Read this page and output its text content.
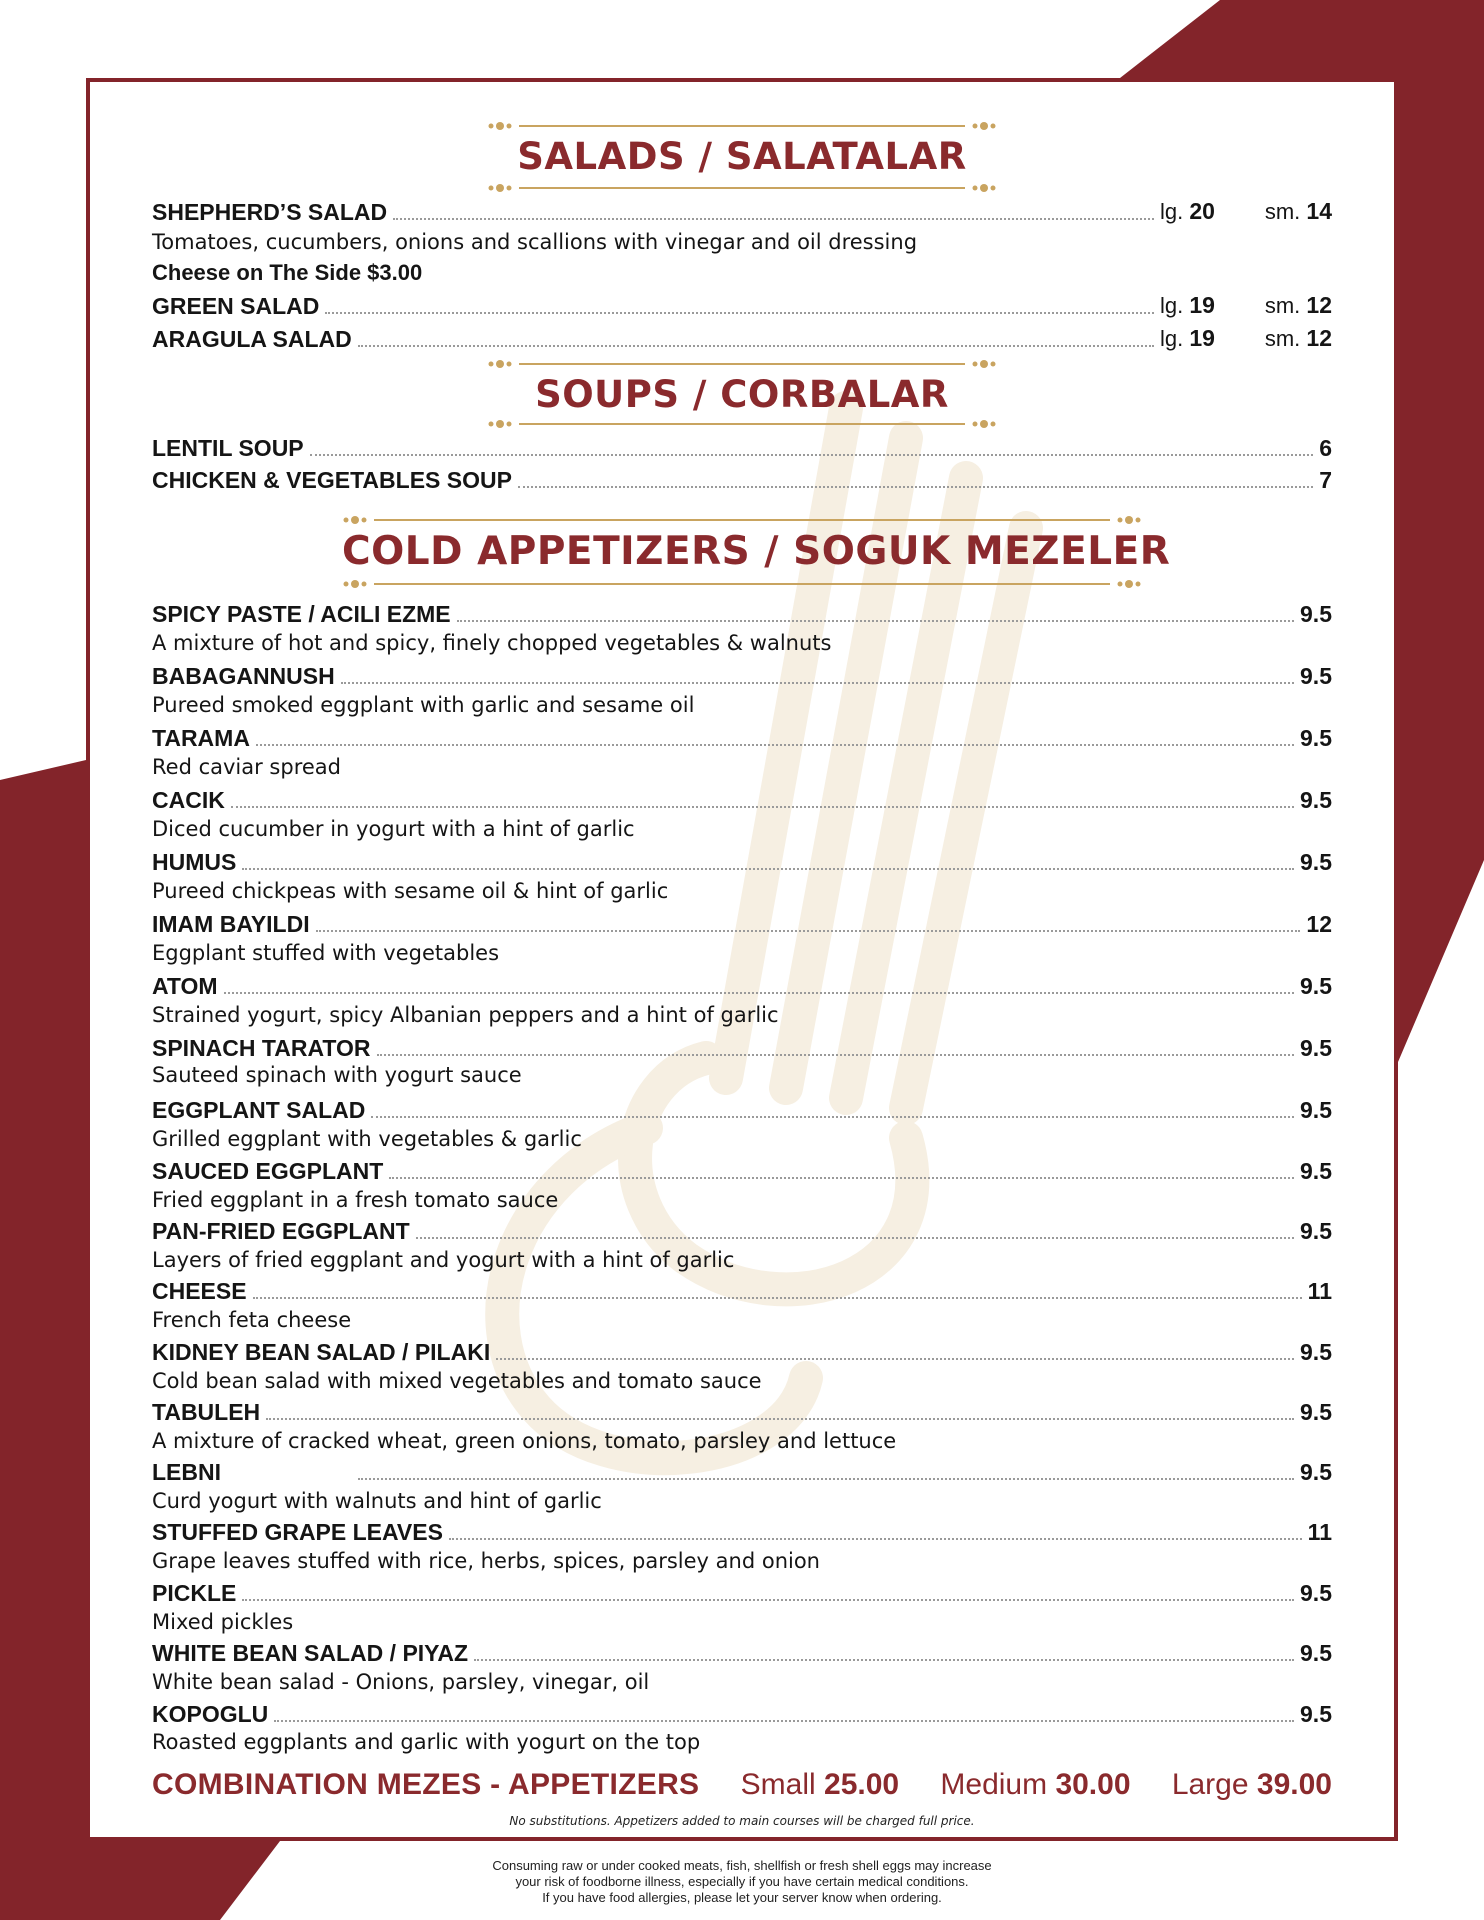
SALADS / SALATALAR
SHEPHERD’S SALAD	lg. 20	sm. 14
Tomatoes, cucumbers, onions and scallions with vinegar and oil dressing
Cheese on The Side $3.00
GREEN SALAD	lg. 19	sm. 12
ARAGULA SALAD	lg. 19	sm. 12
SOUPS / CORBALAR
LENTIL SOUP	6
CHICKEN & VEGETABLES SOUP	7
COLD APPETIZERS / SOGUK MEZELER
SPICY PASTE / ACILI EZME	9.5
A mixture of hot and spicy, finely chopped vegetables & walnuts
BABAGANNUSH	9.5
Pureed smoked eggplant with garlic and sesame oil
TARAMA	9.5
Red caviar spread
CACIK	9.5
Diced cucumber in yogurt with a hint of garlic
HUMUS	9.5
Pureed chickpeas with sesame oil & hint of garlic
IMAM BAYILDI	12
Eggplant stuffed with vegetables
ATOM	9.5
Strained yogurt, spicy Albanian peppers and a hint of garlic
SPINACH TARATOR	9.5
Sauteed spinach with yogurt sauce
EGGPLANT SALAD	9.5
Grilled eggplant with vegetables & garlic
SAUCED EGGPLANT	9.5
Fried eggplant in a fresh tomato sauce
PAN-FRIED EGGPLANT	9.5
Layers of fried eggplant and yogurt with a hint of garlic
CHEESE	11
French feta cheese
KIDNEY BEAN SALAD / PILAKI	9.5
Cold bean salad with mixed vegetables and tomato sauce
TABULEH	9.5
A mixture of cracked wheat, green onions, tomato, parsley and lettuce
LEBNI	9.5
Curd yogurt with walnuts and hint of garlic
STUFFED GRAPE LEAVES	11
Grape leaves stuffed with rice, herbs, spices, parsley and onion
PICKLE	9.5
Mixed pickles
WHITE BEAN SALAD / PIYAZ	9.5
White bean salad - Onions, parsley, vinegar, oil
KOPOGLU	9.5
Roasted eggplants and garlic with yogurt on the top
COMBINATION MEZES - APPETIZERS Small 25.00 Medium 30.00 Large 39.00
No substitutions. Appetizers added to main courses will be charged full price.
Consuming raw or under cooked meats, fish, shellfish or fresh shell eggs may increase
your risk of foodborne illness, especially if you have certain medical conditions.
If you have food allergies, please let your server know when ordering.
